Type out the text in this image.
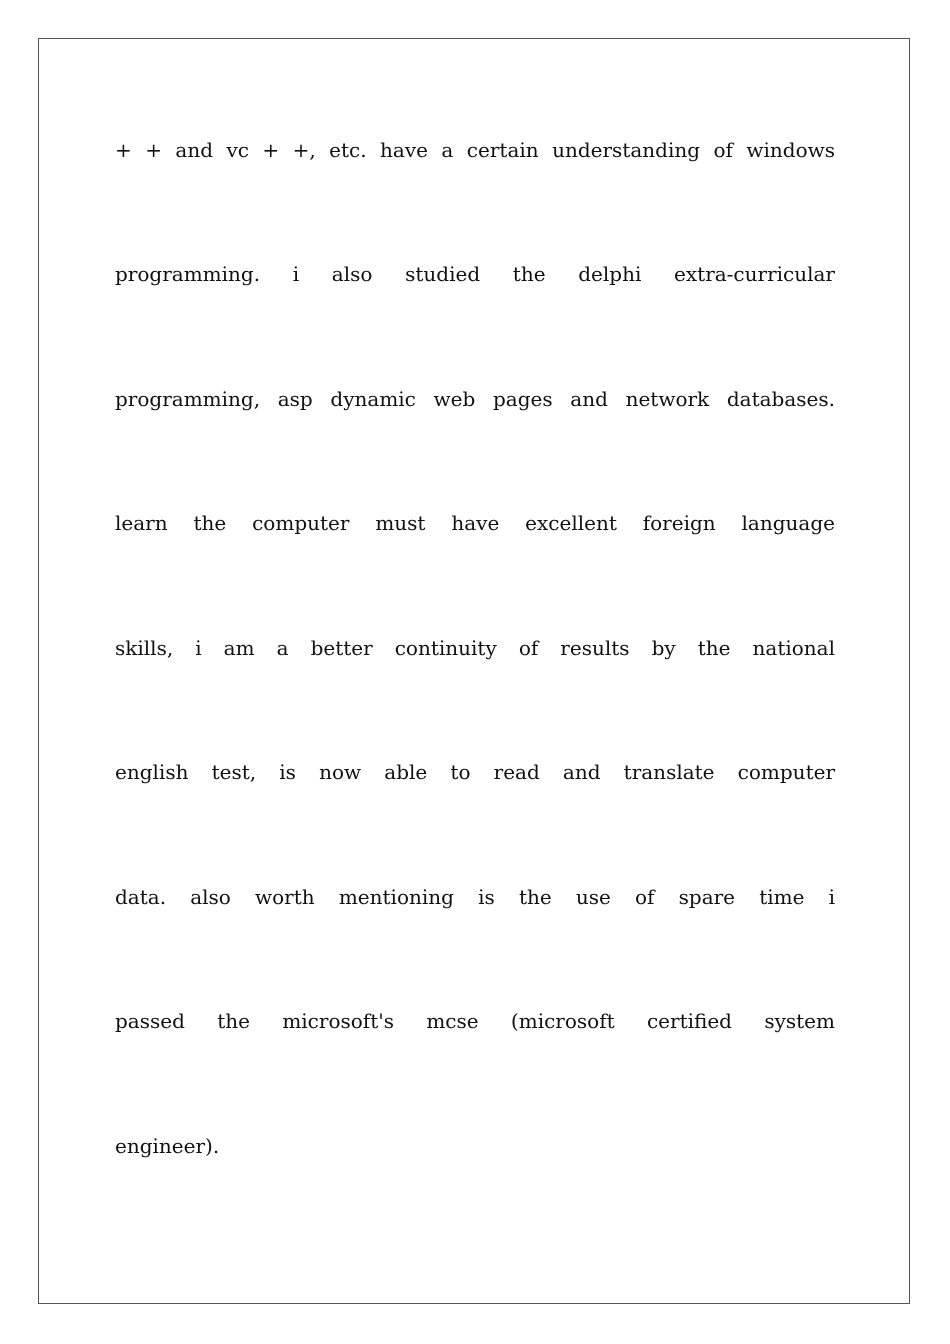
+ + and vc + +, etc. have a certain understanding of windows
programming. i also studied the delphi extra-curricular
programming, asp dynamic web pages and network databases.
learn the computer must have excellent foreign language
skills, i am a better continuity of results by the national
english test, is now able to read and translate computer
data. also worth mentioning is the use of spare time i
passed the microsoft's mcse (microsoft certified system
engineer).
